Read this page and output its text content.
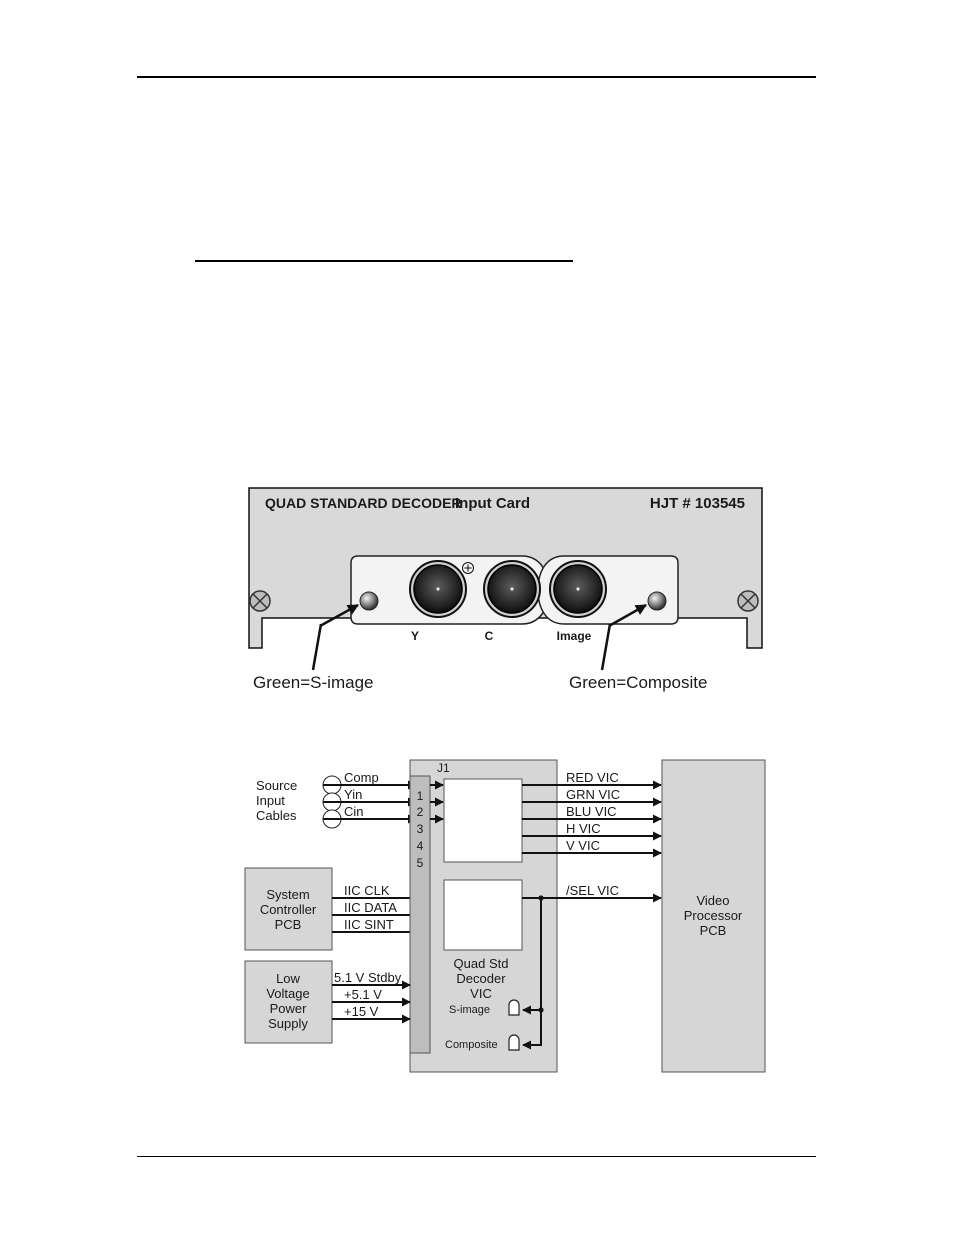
QUAD STANDARD DECODER
Input Card	HJT # 103545
Y	C	Image
Green=S-image	Green=Composite
Source
Input
Cables
Comp
Yin
Cin
System
Controller
PCB
IIC CLK
IIC DATA
IIC SINT
Low
Voltage
Power
Supply
J1
1
2
3
4
5
5.1 V Stdby
+5.1 V
+15 V
Quad Std
Decoder
VIC
S-image
Composite
RED VIC
GRN VIC
BLU VIC
H VIC
V VIC
/SEL VIC
Video
Processor
PCB
